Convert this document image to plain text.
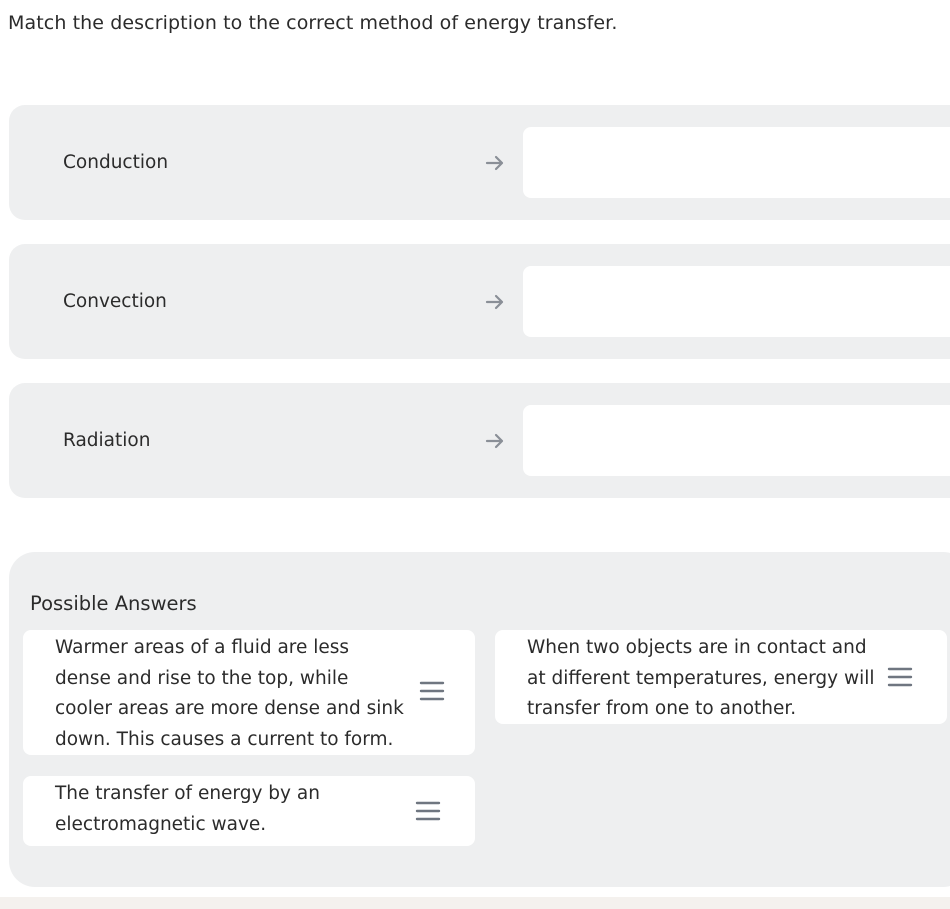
Match the description to the correct method of energy transfer.
Conduction
Convection
Radiation
Possible Answers
Warmer areas of a fluid are less
dense and rise to the top, while
cooler areas are more dense and sink
down. This causes a current to form.
When two objects are in contact and
at different temperatures, energy will
transfer from one to another.
The transfer of energy by an
electromagnetic wave.
